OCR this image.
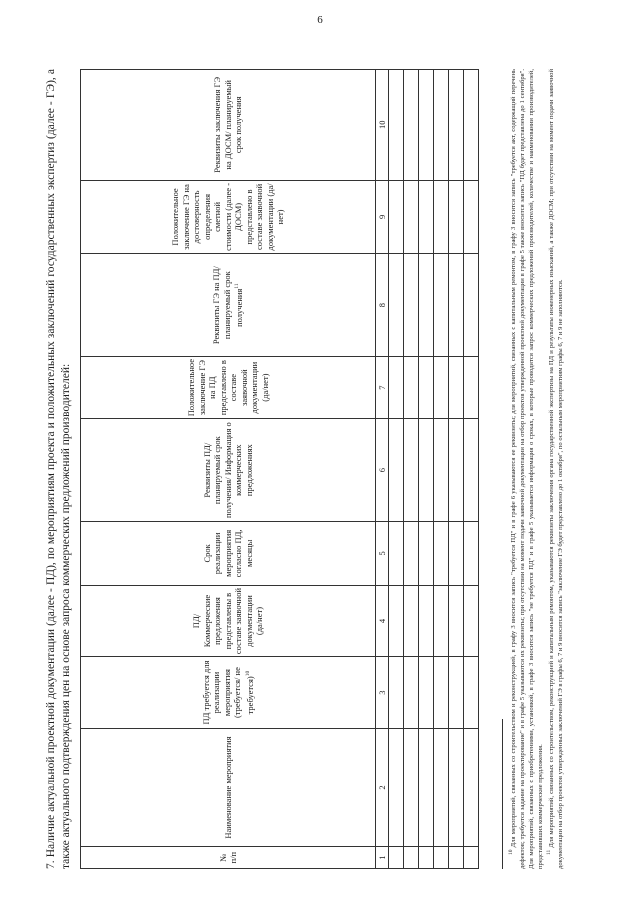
6
7. Наличие актуальной проектной документации (далее - ПД), по мероприятиям проекта и положительных заключений государственных экспертиз (далее - ГЭ), а также актуального подтверждения цен на основе запроса коммерческих предложений производителей:	№ п/п	Наименование мероприятия	ПД требуется для реализации мероприятия (требуется/ не требуется)$^{10}$	ПД/ Коммерческие предложения представлены в составе заявочной документации (да/нет)	Срок реализации мероприятия согласно ПД, месяцы	Реквизиты ПД/планируемый срок получения/ Информация о коммерческих предложениях	Положительное заключение ГЭ на ПД представлено в составе заявочной документации (да/нет)	Реквизиты ГЭ на ПД/планируемый срок получения$^{11}$	Положительное заключение ГЭ на достоверность определения сметной стоимости (далее - ДОСМ) представлено в составе заявочной документации (да/нет)	Реквизиты заключения ГЭ на ДОСМ/ планируемый срок получения
1	2	3	4	5	6	7	8	9	10

$^{10}$ Для мероприятий, связанных со строительством и реконструкцией, в графу 3 вносится запись "требуется ПД" и в графе 6 указываются ее реквизиты; для мероприятий, связанных с капитальным ремонтом, в графу 3 вносится запись "требуется акт, содержащий перечень дефектов; требуется задание на проектирование" и в графе 5 указываются их реквизиты; при отсутствии на момент подачи заявочной документации на отбор проектов утвержденной проектной документации в графе 5 также вносится запись "ПД будет представлена до 1 сентября". Для мероприятий, связанных с приобретениями, установкой, в графе 3 вносится запись "не требуется ПД" и в графе 5 указывается информация о сроках, в которые проводится запрос коммерческих предложений производителей, количестве и наименовании производителей, представивших коммерческие предложения. $^{11}$ Для мероприятий, связанных со строительством, реконструкцией и капитальным ремонтом, указываются реквизиты заключения органа государственной экспертизы на ПД и результаты инженерных изысканий, а также ДОСМ; при отсутствии на момент подачи заявочной документации на отбор проектов утвержденных заключений ГЭ в графы 6, 7 и 9 вносится запись "заключение ГЭ будет представлено до 1 октября", по остальным мероприятиям графы 6, 7 и 9 не заполняются.
